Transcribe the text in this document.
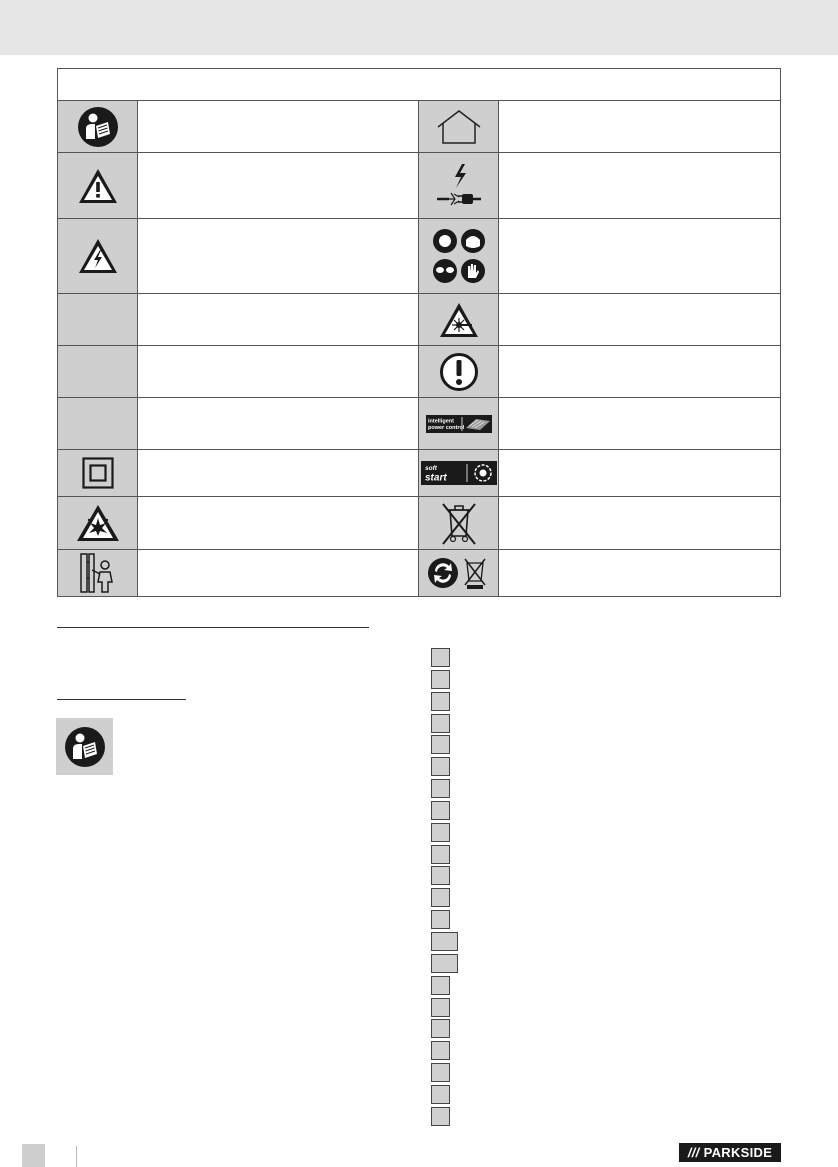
intelligent
power control
soft
start
/// PARKSIDE
